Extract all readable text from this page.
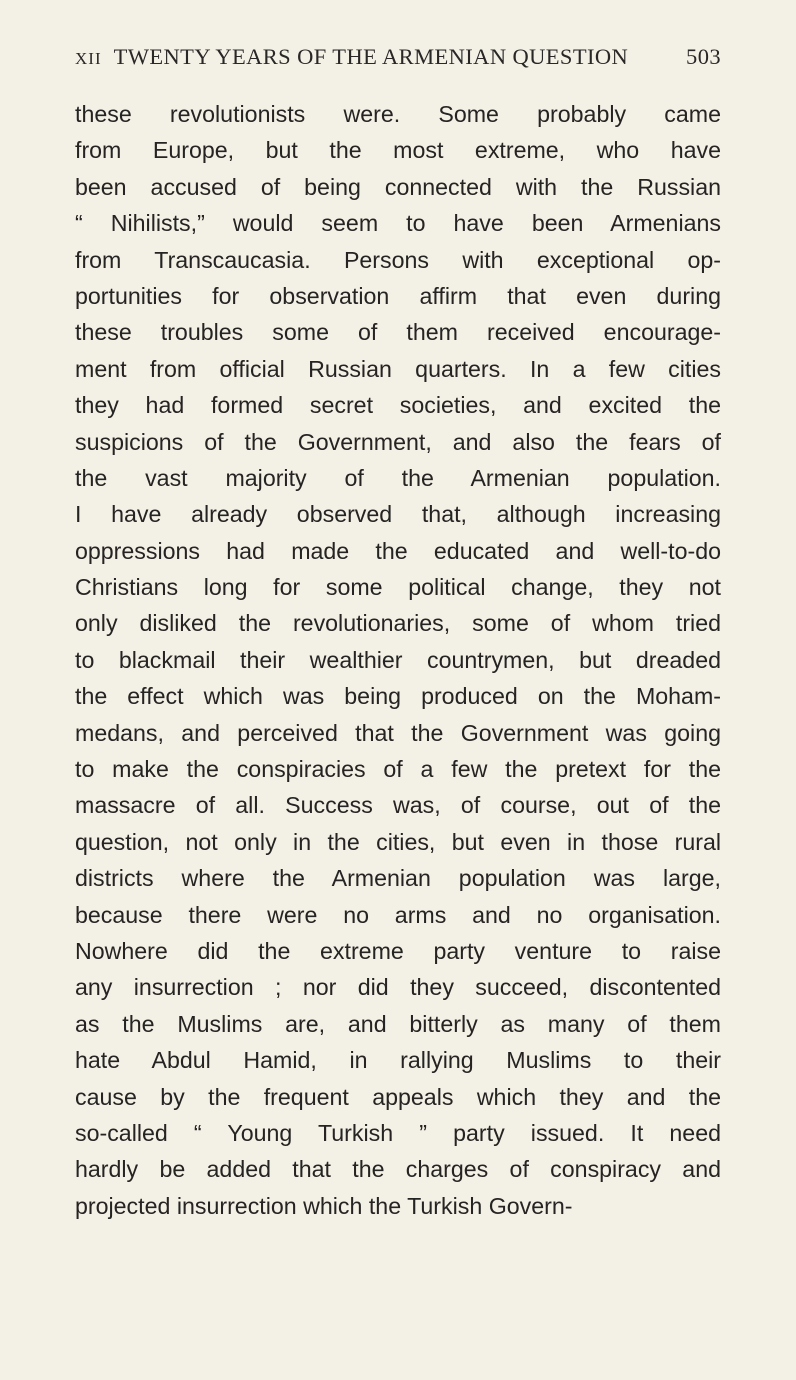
XII TWENTY YEARS OF THE ARMENIAN QUESTION	503
these revolutionists were. Some probably came
from Europe, but the most extreme, who have
been accused of being connected with the Russian
“ Nihilists,” would seem to have been Armenians
from Transcaucasia. Persons with exceptional op-
portunities for observation affirm that even during
these troubles some of them received encourage-
ment from official Russian quarters. In a few cities
they had formed secret societies, and excited the
suspicions of the Government, and also the fears of
the vast majority of the Armenian population.
I have already observed that, although increasing
oppressions had made the educated and well-to-do
Christians long for some political change, they not
only disliked the revolutionaries, some of whom tried
to blackmail their wealthier countrymen, but dreaded
the effect which was being produced on the Moham-
medans, and perceived that the Government was going
to make the conspiracies of a few the pretext for the
massacre of all. Success was, of course, out of the
question, not only in the cities, but even in those rural
districts where the Armenian population was large,
because there were no arms and no organisation.
Nowhere did the extreme party venture to raise
any insurrection ; nor did they succeed, discontented
as the Muslims are, and bitterly as many of them
hate Abdul Hamid, in rallying Muslims to their
cause by the frequent appeals which they and the
so-called “ Young Turkish ” party issued. It need
hardly be added that the charges of conspiracy and
projected insurrection which the Turkish Govern-
